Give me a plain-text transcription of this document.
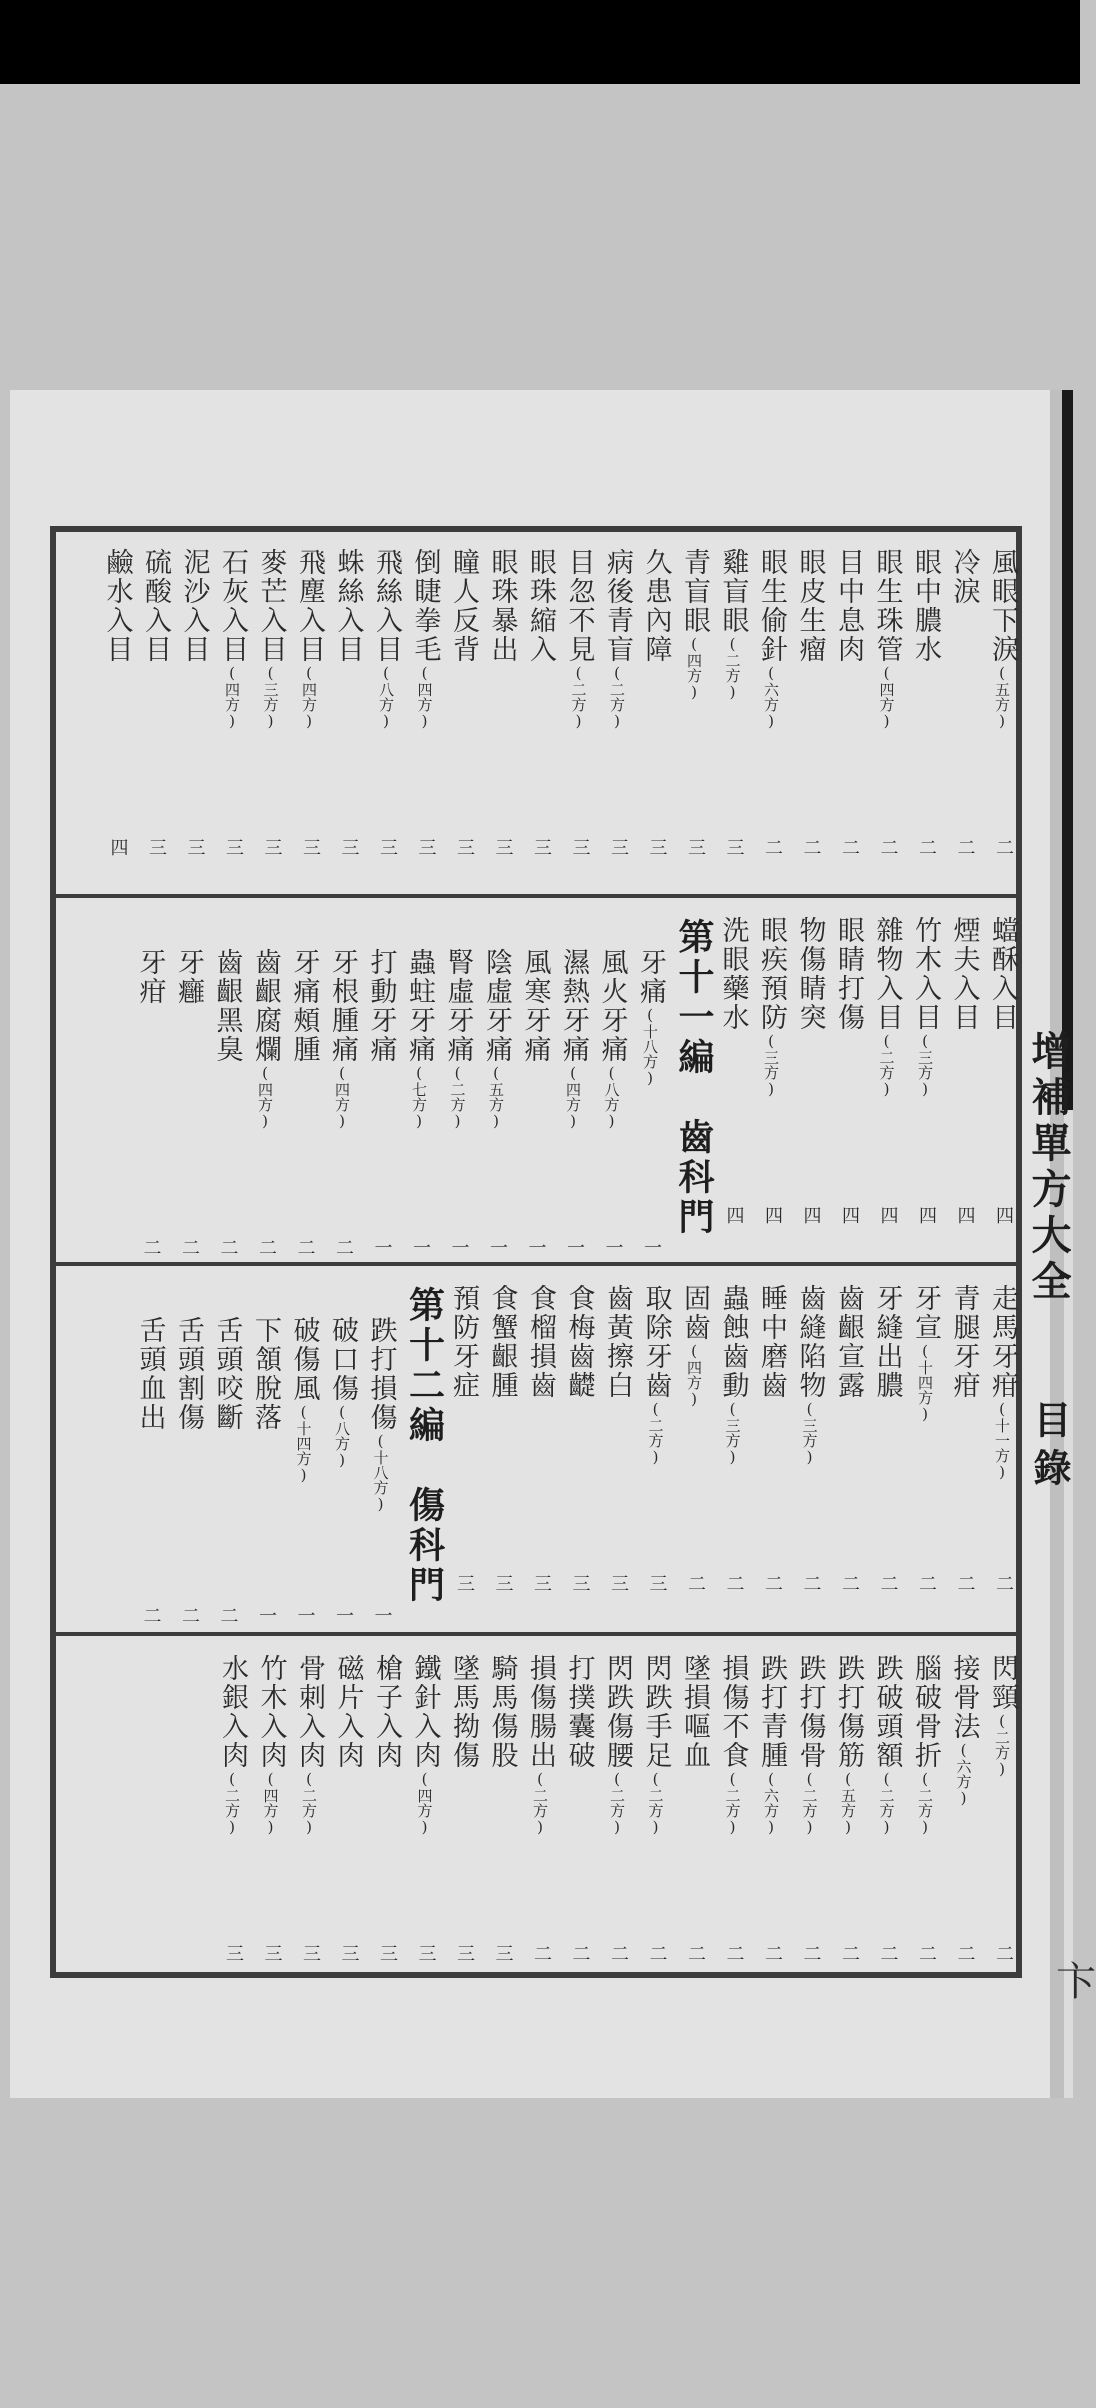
增補單方大全
目錄
卞
風眼下淚(五方)
二
冷淚
二
眼中膿水
二
眼生珠管(四方)
二
目中息肉
二
眼皮生瘤
二
眼生偷針(六方)
二
雞盲眼(二方)
三
青盲眼(四方)
三
久患內障
三
病後青盲(二方)
三
目忽不見(二方)
三
眼珠縮入
三
眼珠暴出
三
瞳人反背
三
倒睫拳毛(四方)
三
飛絲入目(八方)
三
蛛絲入目
三
飛塵入目(四方)
三
麥芒入目(三方)
三
石灰入目(四方)
三
泥沙入目
三
硫酸入目
三
鹼水入目
四
蟷酥入目
四
煙夫入目
四
竹木入目(三方)
四
雜物入目(二方)
四
眼睛打傷
四
物傷睛突
四
眼疾預防(三方)
四
洗眼藥水
四
第十一編　齒科門
牙痛(十八方)
一
風火牙痛(八方)
一
濕熱牙痛(四方)
一
風寒牙痛
一
陰虛牙痛(五方)
一
腎虛牙痛(二方)
一
蟲蛀牙痛(七方)
一
打動牙痛
一
牙根腫痛(四方)
二
牙痛頰腫
二
齒齦腐爛(四方)
二
齒齦黑臭
二
牙癰
二
牙疳
二
走馬牙疳(十一方)
二
青腿牙疳
二
牙宣(十四方)
二
牙縫出膿
二
齒齦宣露
二
齒縫陷物(三方)
二
睡中磨齒
二
蟲蝕齒動(三方)
二
固齒(四方)
二
取除牙齒(二方)
三
齒黃擦白
三
食梅齒齼
三
食榴損齒
三
食蟹齦腫
三
預防牙症
三
第十二編　傷科門
跌打損傷(十八方)
一
破口傷(八方)
一
破傷風(十四方)
一
下頷脫落
一
舌頭咬斷
二
舌頭割傷
二
舌頭血出
二
閃頸(二方)
二
接骨法(六方)
二
腦破骨折(二方)
二
跌破頭額(二方)
二
跌打傷筋(五方)
二
跌打傷骨(二方)
二
跌打青腫(六方)
二
損傷不食(二方)
二
墜損嘔血
二
閃跌手足(二方)
二
閃跌傷腰(二方)
二
打撲囊破
二
損傷腸出(二方)
二
騎馬傷股
三
墜馬拗傷
三
鐵針入肉(四方)
三
槍子入肉
三
磁片入肉
三
骨刺入肉(二方)
三
竹木入肉(四方)
三
水銀入肉(二方)
三
